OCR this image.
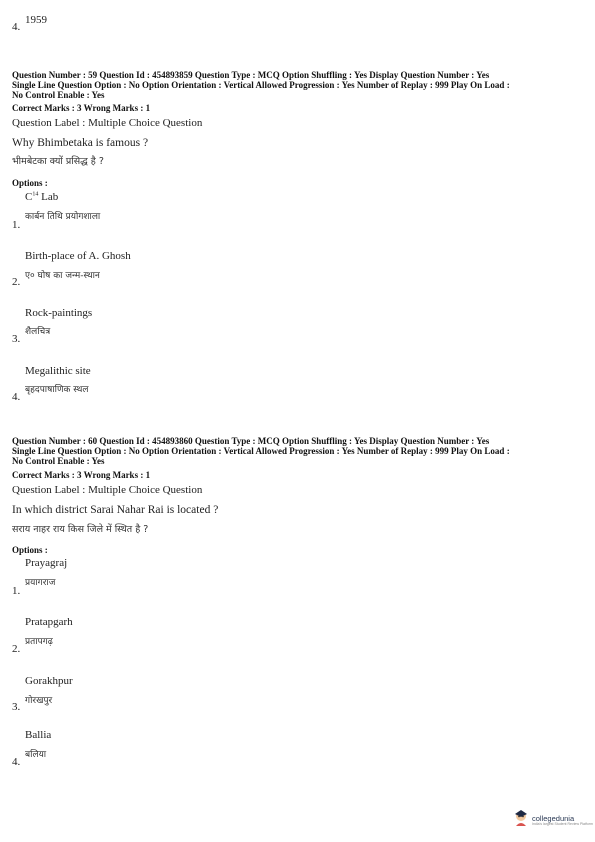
4.
1959
Question Number : 59 Question Id : 454893859 Question Type : MCQ Option Shuffling : Yes Display Question Number : Yes
Single Line Question Option : No Option Orientation : Vertical Allowed Progression : Yes Number of Replay : 999 Play On Load :
No Control Enable : Yes
Correct Marks : 3 Wrong Marks : 1
Question Label : Multiple Choice Question
Why Bhimbetaka is famous ?
भीमबेटका क्यों प्रसिद्ध है ?
Options :
$C^{14}$ Lab
कार्बन तिथि प्रयोगशाला
1.
Birth-place of A. Ghosh
ए० घोष का जन्म-स्थान
2.
Rock-paintings
शैलचित्र
3.
Megalithic site
बृहदपाषाणिक स्थल
4.
Question Number : 60 Question Id : 454893860 Question Type : MCQ Option Shuffling : Yes Display Question Number : Yes
Single Line Question Option : No Option Orientation : Vertical Allowed Progression : Yes Number of Replay : 999 Play On Load :
No Control Enable : Yes
Correct Marks : 3 Wrong Marks : 1
Question Label : Multiple Choice Question
In which district Sarai Nahar Rai is located ?
सराय नाहर राय किस जिले में स्थित है ?
Options :
Prayagraj
प्रयागराज
1.
Pratapgarh
प्रतापगढ़
2.
Gorakhpur
गोरखपुर
3.
Ballia
बलिया
4.
collegedunia
India's largest Student Review Platform
